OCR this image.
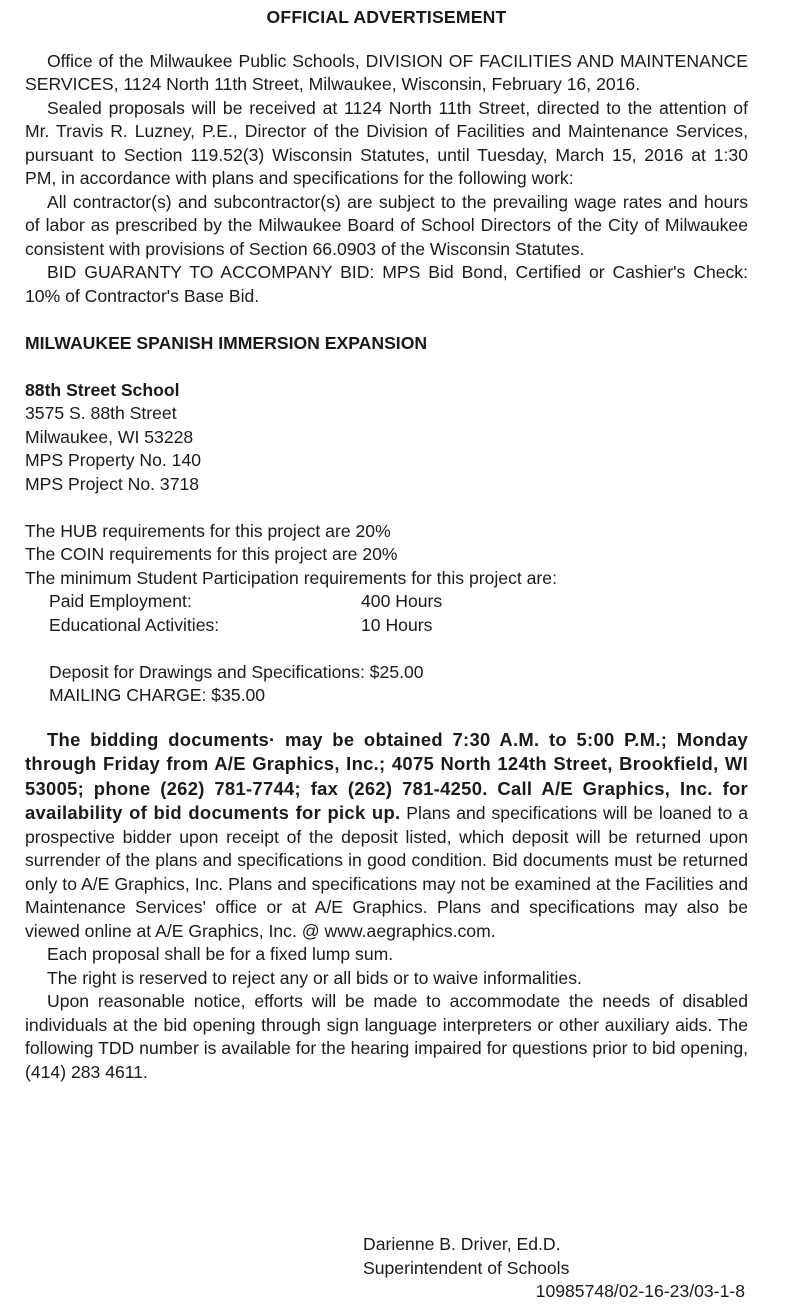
OFFICIAL ADVERTISEMENT

Office of the Milwaukee Public Schools, DIVISION OF FACILITIES AND MAINTENANCE SERVICES, 1124 North 11th Street, Milwaukee, Wisconsin, February 16, 2016.

Sealed proposals will be received at 1124 North 11th Street, directed to the attention of Mr. Travis R. Luzney, P.E., Director of the Division of Facilities and Maintenance Services, pursuant to Section 119.52(3) Wisconsin Statutes, until Tuesday, March 15, 2016 at 1:30 PM, in accordance with plans and specifications for the following work:

All contractor(s) and subcontractor(s) are subject to the prevailing wage rates and hours of labor as prescribed by the Milwaukee Board of School Directors of the City of Milwaukee consistent with provisions of Section 66.0903 of the Wisconsin Statutes.

BID GUARANTY TO ACCOMPANY BID: MPS Bid Bond, Certified or Cashier's Check: 10% of Contractor's Base Bid.

MILWAUKEE SPANISH IMMERSION EXPANSION

88th Street School

3575 S. 88th Street

Milwaukee, WI 53228

MPS Property No. 140

MPS Project No. 3718

The HUB requirements for this project are 20%

The COIN requirements for this project are 20%

The minimum Student Participation requirements for this project are:

Paid Employment:	400 Hours
Educational Activities:	10 Hours

Deposit for Drawings and Specifications: $25.00

MAILING CHARGE: $35.00

The bidding documents· may be obtained 7:30 A.M. to 5:00 P.M.; Monday through Friday from A/E Graphics, Inc.; 4075 North 124th Street, Brookfield, WI 53005; phone (262) 781-7744; fax (262) 781-4250. Call A/E Graphics, Inc. for availability of bid documents for pick up. Plans and specifications will be loaned to a prospective bidder upon receipt of the deposit listed, which deposit will be returned upon surrender of the plans and specifications in good condition. Bid documents must be returned only to A/E Graphics, Inc. Plans and specifications may not be examined at the Facilities and Maintenance Services' office or at A/E Graphics. Plans and specifications may also be viewed online at A/E Graphics, Inc. @ www.aegraphics.com.

Each proposal shall be for a fixed lump sum.

The right is reserved to reject any or all bids or to waive informalities.

Upon reasonable notice, efforts will be made to accommodate the needs of disabled individuals at the bid opening through sign language interpreters or other auxiliary aids. The following TDD number is available for the hearing impaired for questions prior to bid opening, (414) 283 4611.

Darienne B. Driver, Ed.D.
Superintendent of Schools
10985748/02-16-23/03-1-8
